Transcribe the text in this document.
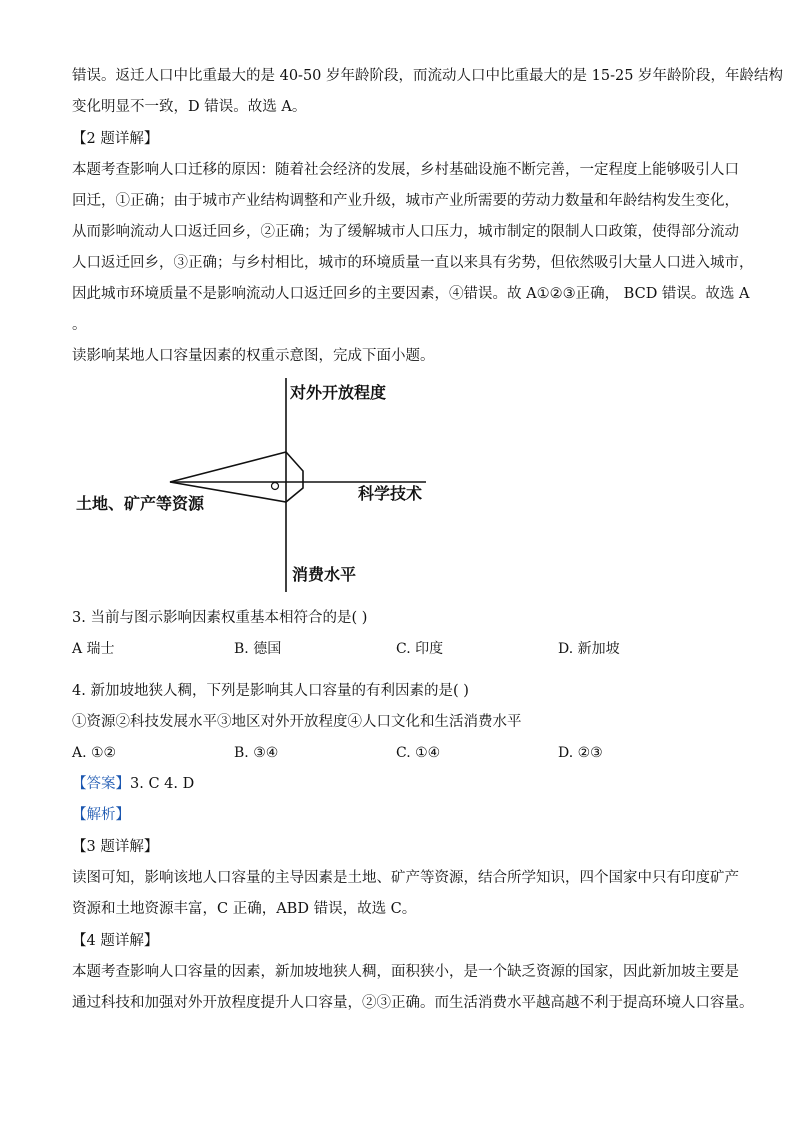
错误。返迁人口中比重最大的是 40-50 岁年龄阶段，而流动人口中比重最大的是 15-25 岁年龄阶段，年龄结构
变化明显不一致，D 错误。故选 A。
【2 题详解】
本题考查影响人口迁移的原因：随着社会经济的发展，乡村基础设施不断完善，一定程度上能够吸引人口
回迁，①正确；由于城市产业结构调整和产业升级，城市产业所需要的劳动力数量和年龄结构发生变化，
从而影响流动人口返迁回乡，②正确；为了缓解城市人口压力，城市制定的限制人口政策，使得部分流动
人口返迁回乡，③正确；与乡村相比，城市的环境质量一直以来具有劣势，但依然吸引大量人口进入城市，
因此城市环境质量不是影响流动人口返迁回乡的主要因素，④错误。故 A①②③正确， BCD 错误。故选 A
。
读影响某地人口容量因素的权重示意图，完成下面小题。
对外开放程度
土地、矿产等资源
科学技术
消费水平
3. 当前与图示影响因素权重基本相符合的是( )
A 瑞士	B. 德国	C. 印度	D. 新加坡
4. 新加坡地狭人稠，下列是影响其人口容量的有利因素的是( )
①资源②科技发展水平③地区对外开放程度④人口文化和生活消费水平
A. ①②	B. ③④	C. ①④	D. ②③
【答案】3. C 4. D
【解析】
【3 题详解】
读图可知，影响该地人口容量的主导因素是土地、矿产等资源，结合所学知识，四个国家中只有印度矿产
资源和土地资源丰富，C 正确，ABD 错误，故选 C。
【4 题详解】
本题考查影响人口容量的因素，新加坡地狭人稠，面积狭小，是一个缺乏资源的国家，因此新加坡主要是
通过科技和加强对外开放程度提升人口容量，②③正确。而生活消费水平越高越不利于提高环境人口容量。
